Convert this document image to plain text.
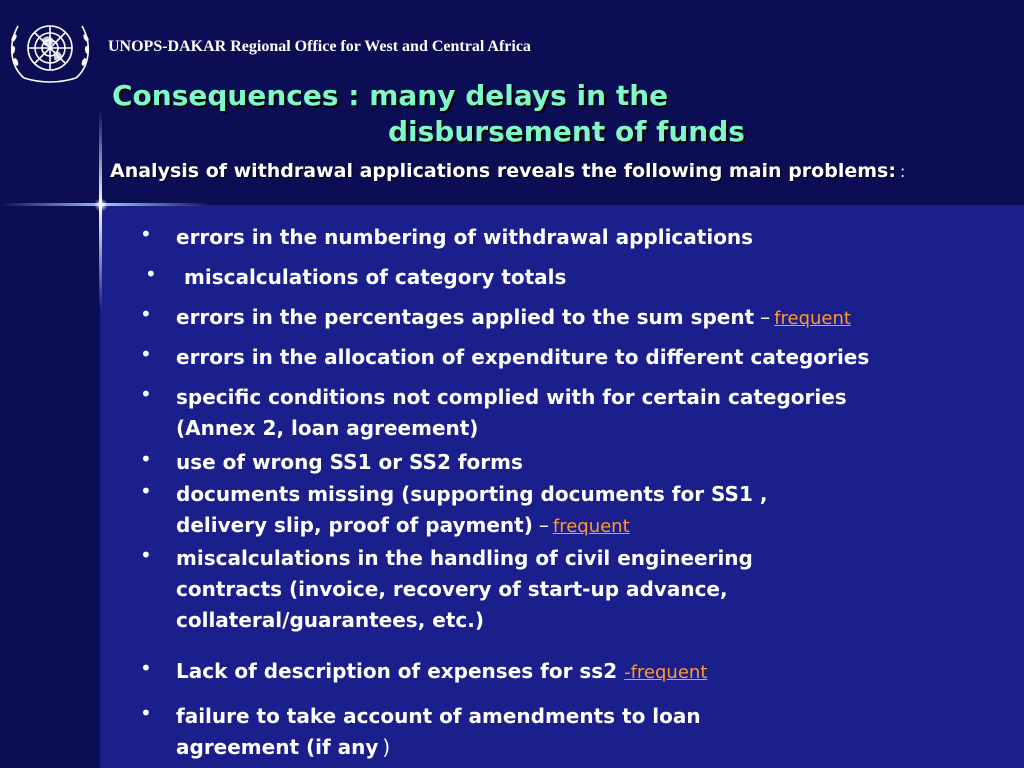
UNOPS-DAKAR Regional Office for West and Central Africa
Consequences : many delays in the
disbursement of funds
Analysis of withdrawal applications reveals the following main problems: :
• errors in the numbering of withdrawal applications
• miscalculations of category totals
• errors in the percentages applied to the sum spent – frequent
• errors in the allocation of expenditure to different categories
• specific conditions not complied with for certain categories
(Annex 2, loan agreement)
• use of wrong SS1 or SS2 forms
• documents missing (supporting documents for SS1 ,
delivery slip, proof of payment) – frequent
• miscalculations in the handling of civil engineering
contracts (invoice, recovery of start-up advance,
collateral/guarantees, etc.)
• Lack of description of expenses for ss2 -frequent
• failure to take account of amendments to loan
agreement (if any )
